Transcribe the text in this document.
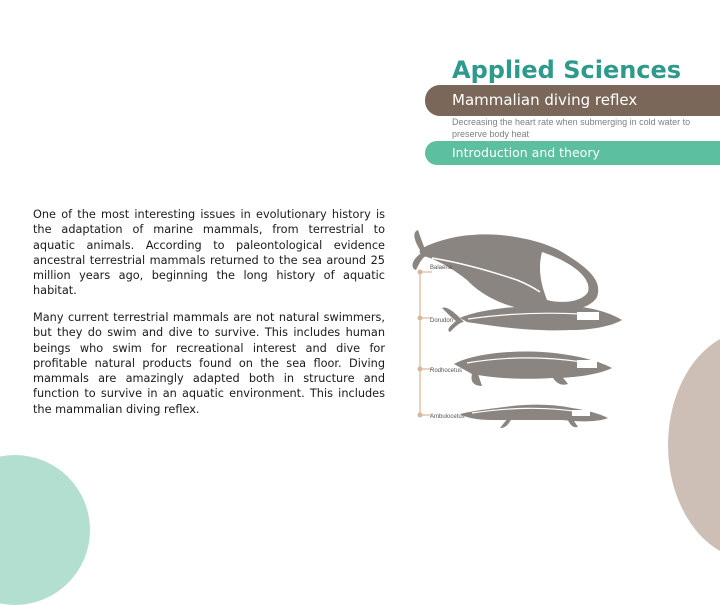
Applied Sciences
Mammalian diving reflex
Decreasing the heart rate when submerging in cold water to preserve body heat
Introduction and theory

One of the most interesting issues in evolutionary history is the adaptation of marine mammals, from terrestrial to aquatic animals. According to paleontological evidence ancestral terrestrial mammals returned to the sea around 25 million years ago, beginning the long history of aquatic habitat.

Many current terrestrial mammals are not natural swimmers, but they do swim and dive to survive. This includes human beings who swim for recreational interest and dive for profitable natural products found on the sea floor. Diving mammals are amazingly adapted both in structure and function to survive in an aquatic environment. This includes the mammalian diving reflex.

Balaena
Dorudon
Rodhocetus
Ambulocetus
